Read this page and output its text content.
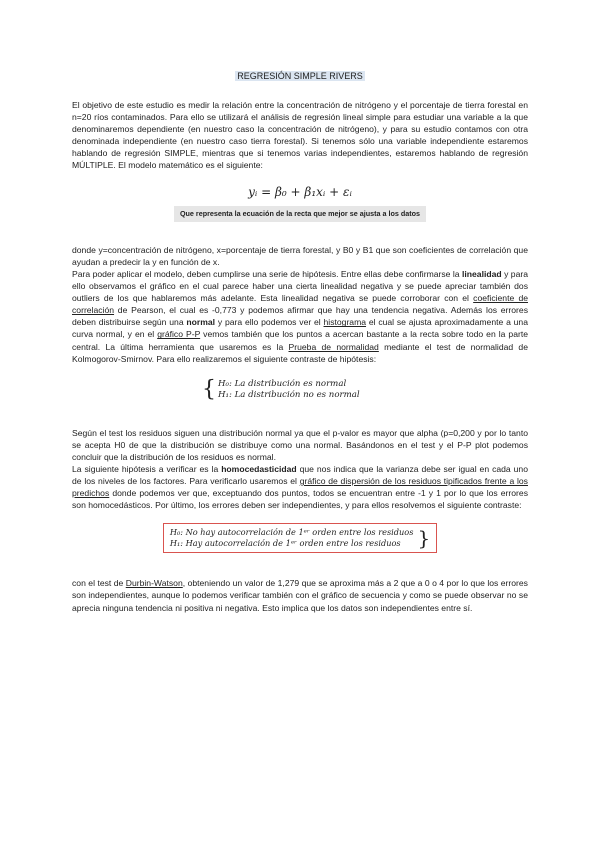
REGRESIÓN SIMPLE RIVERS

El objetivo de este estudio es medir la relación entre la concentración de nitrógeno y el porcentaje de tierra forestal en n=20 ríos contaminados. Para ello se utilizará el análisis de regresión lineal simple para estudiar una variable a la que denominaremos dependiente (en nuestro caso la concentración de nitrógeno), y para su estudio contamos con otra denominada independiente (en nuestro caso tierra forestal). Si tenemos sólo una variable independiente estaremos hablando de regresión SIMPLE, mientras que si tenemos varias independientes, estaremos hablando de regresión MÚLTIPLE. El modelo matemático es el siguiente:

yᵢ = β₀ + β₁xᵢ + εᵢ
Que representa la ecuación de la recta que mejor se ajusta a los datos

donde y=concentración de nitrógeno, x=porcentaje de tierra forestal, y B0 y B1 que son coeficientes de correlación que ayudan a predecir la y en función de x.

Para poder aplicar el modelo, deben cumplirse una serie de hipótesis. Entre ellas debe confirmarse la linealidad y para ello observamos el gráfico en el cual parece haber una cierta linealidad negativa y se puede apreciar también dos outliers de los que hablaremos más adelante. Esta linealidad negativa se puede corroborar con el coeficiente de correlación de Pearson, el cual es -0,773 y podemos afirmar que hay una tendencia negativa. Además los errores deben distribuirse según una normal y para ello podemos ver el histograma el cual se ajusta aproximadamente a una curva normal, y en el gráfico P-P vemos también que los puntos a acercan bastante a la recta sobre todo en la parte central. La última herramienta que usaremos es la Prueba de normalidad mediante el test de normalidad de Kolmogorov-Smirnov. Para ello realizaremos el siguiente contraste de hipótesis:

{ H₀: La distribución es normal
H₁: La distribución no es normal

Según el test los residuos siguen una distribución normal ya que el p-valor es mayor que alpha (p=0,200 y por lo tanto se acepta H0 de que la distribución se distribuye como una normal. Basándonos en el test y el P-P plot podemos concluir que la distribución de los residuos es normal.

La siguiente hipótesis a verificar es la homocedasticidad que nos indica que la varianza debe ser igual en cada uno de los niveles de los factores. Para verificarlo usaremos el gráfico de dispersión de los residuos tipificados frente a los predichos donde podemos ver que, exceptuando dos puntos, todos se encuentran entre -1 y 1 por lo que los errores son homocedásticos. Por último, los errores deben ser independientes, y para ellos resolvemos el siguiente contraste:

H₀: No hay autocorrelación de 1ᵉʳ orden entre los residuos
H₁: Hay autocorrelación de 1ᵉʳ orden entre los residuos }

con el test de Durbin-Watson, obteniendo un valor de 1,279 que se aproxima más a 2 que a 0 o 4 por lo que los errores son independientes, aunque lo podemos verificar también con el gráfico de secuencia y como se puede observar no se aprecia ninguna tendencia ni positiva ni negativa. Esto implica que los datos son independientes entre sí.
